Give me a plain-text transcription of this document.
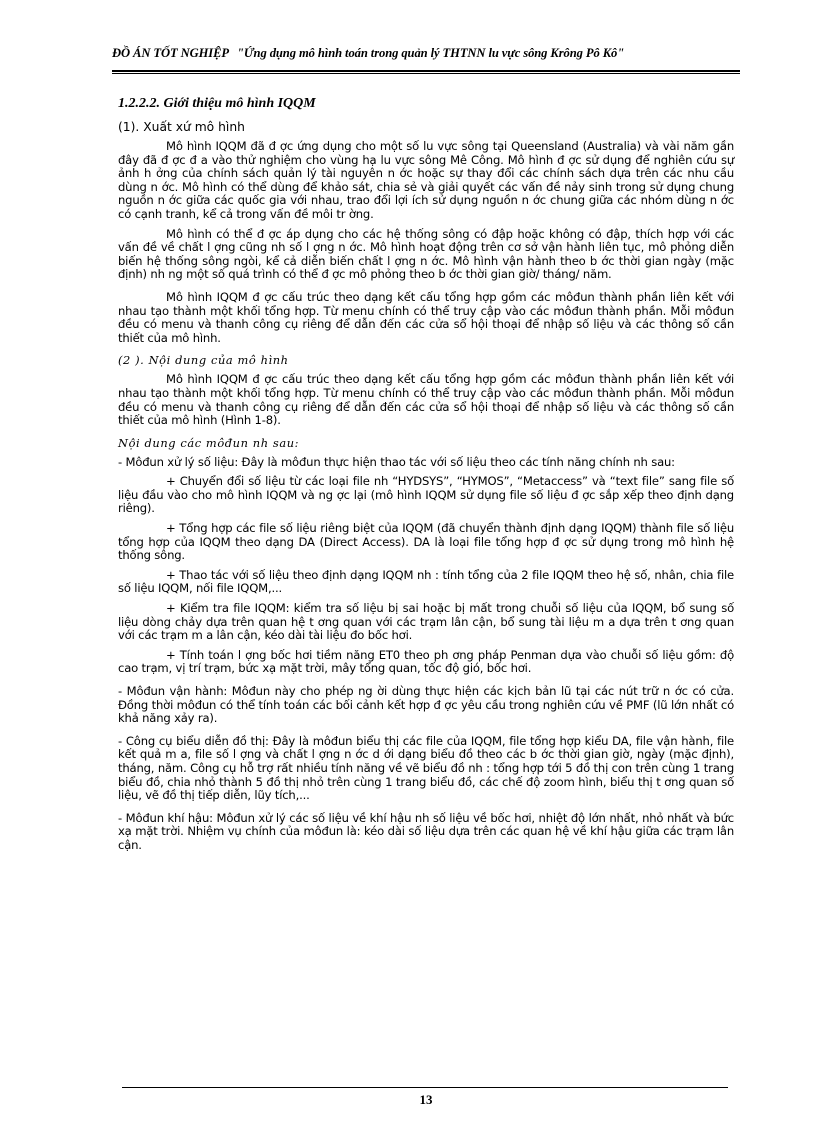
ĐỒ ÁN TỐT NGHIỆP "Ứng dụng mô hình toán trong quản lý THTNN lu vực sông Krông Pô Kô"
1.2.2.2. Giới thiệu mô hình IQQM
(1). Xuất xứ mô hình

Mô hình IQQM đã đ ợc ứng dụng cho một số lu vực sông tại Queensland (Australia) và vài năm gần đây đã đ ợc đ a vào thử nghiệm cho vùng hạ lu vực sông Mê Công. Mô hình đ ợc sử dụng để nghiên cứu sự ảnh h ởng của chính sách quản lý tài nguyên n ớc hoặc sự thay đổi các chính sách dựa trên các nhu cầu dùng n ớc. Mô hình có thể dùng để khảo sát, chia sẻ và giải quyết các vấn đề nảy sinh trong sử dụng chung nguồn n ớc giữa các quốc gia với nhau, trao đổi lợi ích sử dụng nguồn n ớc chung giữa các nhóm dùng n ớc có cạnh tranh, kể cả trong vấn đề môi tr ờng.

Mô hình có thể đ ợc áp dụng cho các hệ thống sông có đập hoặc không có đập, thích hợp với các vấn đề về chất l ợng cũng nh số l ợng n ớc. Mô hình hoạt động trên cơ sở vận hành liên tục, mô phỏng diễn biến hệ thống sông ngòi, kể cả diễn biến chất l ợng n ớc. Mô hình vận hành theo b ớc thời gian ngày (mặc định) nh ng một số quá trình có thể đ ợc mô phỏng theo b ớc thời gian giờ/ tháng/ năm.

Mô hình IQQM đ ợc cấu trúc theo dạng kết cấu tổng hợp gồm các môđun thành phần liên kết với nhau tạo thành một khối tổng hợp. Từ menu chính có thể truy cập vào các môđun thành phần. Mỗi môđun đều có menu và thanh công cụ riêng để dẫn đến các cửa sổ hội thoại để nhập số liệu và các thông số cần thiết của mô hình.

(2 ). Nội dung của mô hình

Mô hình IQQM đ ợc cấu trúc theo dạng kết cấu tổng hợp gồm các môđun thành phần liên kết với nhau tạo thành một khối tổng hợp. Từ menu chính có thể truy cập vào các môđun thành phần. Mỗi môđun đều có menu và thanh công cụ riêng để dẫn đến các cửa sổ hội thoại để nhập số liệu và các thông số cần thiết của mô hình (Hình 1-8).

Nội dung các môđun nh sau:

- Môđun xử lý số liệu: Đây là môđun thực hiện thao tác với số liệu theo các tính năng chính nh sau:

+ Chuyển đổi số liệu từ các loại file nh “HYDSYS”, “HYMOS”, “Metaccess” và “text file” sang file số liệu đầu vào cho mô hình IQQM và ng ợc lại (mô hình IQQM sử dụng file số liệu đ ợc sắp xếp theo định dạng riêng).

+ Tổng hợp các file số liệu riêng biệt của IQQM (đã chuyển thành định dạng IQQM) thành file số liệu tổng hợp của IQQM theo dạng DA (Direct Access). DA là loại file tổng hợp đ ợc sử dụng trong mô hình hệ thống sông.

+ Thao tác với số liệu theo định dạng IQQM nh : tính tổng của 2 file IQQM theo hệ số, nhân, chia file số liệu IQQM, nối file IQQM,...

+ Kiểm tra file IQQM: kiểm tra số liệu bị sai hoặc bị mất trong chuỗi số liệu của IQQM, bổ sung số liệu dòng chảy dựa trên quan hệ t ơng quan với các trạm lân cận, bổ sung tài liệu m a dựa trên t ơng quan với các trạm m a lân cận, kéo dài tài liệu đo bốc hơi.

+ Tính toán l ợng bốc hơi tiềm năng ET0 theo ph ơng pháp Penman dựa vào chuỗi số liệu gồm: độ cao trạm, vị trí trạm, bức xạ mặt trời, mây tổng quan, tốc độ gió, bốc hơi.

- Môđun vận hành: Môđun này cho phép ng ời dùng thực hiện các kịch bản lũ tại các nút trữ n ớc có cửa. Đồng thời môđun có thể tính toán các bối cảnh kết hợp đ ợc yêu cầu trong nghiên cứu về PMF (lũ lớn nhất có khả năng xảy ra).

- Công cụ biểu diễn đồ thị: Đây là môđun biểu thị các file của IQQM, file tổng hợp kiểu DA, file vận hành, file kết quả m a, file số l ợng và chất l ợng n ớc d ới dạng biểu đồ theo các b ớc thời gian giờ, ngày (mặc định), tháng, năm. Công cụ hỗ trợ rất nhiều tính năng về vẽ biểu đồ nh : tổng hợp tới 5 đồ thị con trên cùng 1 trang biểu đồ, chia nhỏ thành 5 đồ thị nhỏ trên cùng 1 trang biểu đồ, các chế độ zoom hình, biểu thị t ơng quan số liệu, vẽ đồ thị tiếp diễn, lũy tích,...

- Môđun khí hậu: Môđun xử lý các số liệu về khí hậu nh số liệu về bốc hơi, nhiệt độ lớn nhất, nhỏ nhất và bức xạ mặt trời. Nhiệm vụ chính của môđun là: kéo dài số liệu dựa trên các quan hệ về khí hậu giữa các trạm lân cận.

13
